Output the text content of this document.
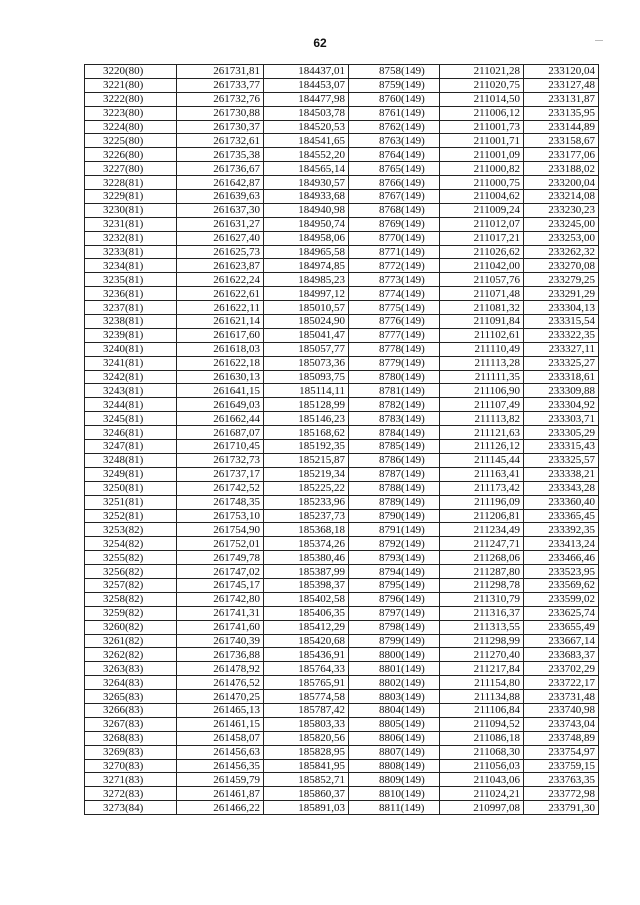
62
3220(80)	261731,81	184437,01	8758(149)	211021,28	233120,04
3221(80)	261733,77	184453,07	8759(149)	211020,75	233127,48
3222(80)	261732,76	184477,98	8760(149)	211014,50	233131,87
3223(80)	261730,88	184503,78	8761(149)	211006,12	233135,95
3224(80)	261730,37	184520,53	8762(149)	211001,73	233144,89
3225(80)	261732,61	184541,65	8763(149)	211001,71	233158,67
3226(80)	261735,38	184552,20	8764(149)	211001,09	233177,06
3227(80)	261736,67	184565,14	8765(149)	211000,82	233188,02
3228(81)	261642,87	184930,57	8766(149)	211000,75	233200,04
3229(81)	261639,63	184933,68	8767(149)	211004,62	233214,08
3230(81)	261637,30	184940,98	8768(149)	211009,24	233230,23
3231(81)	261631,27	184950,74	8769(149)	211012,07	233245,00
3232(81)	261627,40	184958,06	8770(149)	211017,21	233253,00
3233(81)	261625,73	184965,58	8771(149)	211026,62	233262,32
3234(81)	261623,87	184974,85	8772(149)	211042,00	233270,08
3235(81)	261622,24	184985,23	8773(149)	211057,76	233279,25
3236(81)	261622,61	184997,12	8774(149)	211071,48	233291,29
3237(81)	261622,11	185010,57	8775(149)	211081,32	233304,13
3238(81)	261621,14	185024,90	8776(149)	211091,84	233315,54
3239(81)	261617,60	185041,47	8777(149)	211102,61	233322,35
3240(81)	261618,03	185057,77	8778(149)	211110,49	233327,11
3241(81)	261622,18	185073,36	8779(149)	211113,28	233325,27
3242(81)	261630,13	185093,75	8780(149)	211111,35	233318,61
3243(81)	261641,15	185114,11	8781(149)	211106,90	233309,88
3244(81)	261649,03	185128,99	8782(149)	211107,49	233304,92
3245(81)	261662,44	185146,23	8783(149)	211113,82	233303,71
3246(81)	261687,07	185168,62	8784(149)	211121,63	233305,29
3247(81)	261710,45	185192,35	8785(149)	211126,12	233315,43
3248(81)	261732,73	185215,87	8786(149)	211145,44	233325,57
3249(81)	261737,17	185219,34	8787(149)	211163,41	233338,21
3250(81)	261742,52	185225,22	8788(149)	211173,42	233343,28
3251(81)	261748,35	185233,96	8789(149)	211196,09	233360,40
3252(81)	261753,10	185237,73	8790(149)	211206,81	233365,45
3253(82)	261754,90	185368,18	8791(149)	211234,49	233392,35
3254(82)	261752,01	185374,26	8792(149)	211247,71	233413,24
3255(82)	261749,78	185380,46	8793(149)	211268,06	233466,46
3256(82)	261747,02	185387,99	8794(149)	211287,80	233523,95
3257(82)	261745,17	185398,37	8795(149)	211298,78	233569,62
3258(82)	261742,80	185402,58	8796(149)	211310,79	233599,02
3259(82)	261741,31	185406,35	8797(149)	211316,37	233625,74
3260(82)	261741,60	185412,29	8798(149)	211313,55	233655,49
3261(82)	261740,39	185420,68	8799(149)	211298,99	233667,14
3262(82)	261736,88	185436,91	8800(149)	211270,40	233683,37
3263(83)	261478,92	185764,33	8801(149)	211217,84	233702,29
3264(83)	261476,52	185765,91	8802(149)	211154,80	233722,17
3265(83)	261470,25	185774,58	8803(149)	211134,88	233731,48
3266(83)	261465,13	185787,42	8804(149)	211106,84	233740,98
3267(83)	261461,15	185803,33	8805(149)	211094,52	233743,04
3268(83)	261458,07	185820,56	8806(149)	211086,18	233748,89
3269(83)	261456,63	185828,95	8807(149)	211068,30	233754,97
3270(83)	261456,35	185841,95	8808(149)	211056,03	233759,15
3271(83)	261459,79	185852,71	8809(149)	211043,06	233763,35
3272(83)	261461,87	185860,37	8810(149)	211024,21	233772,98
3273(84)	261466,22	185891,03	8811(149)	210997,08	233791,30
